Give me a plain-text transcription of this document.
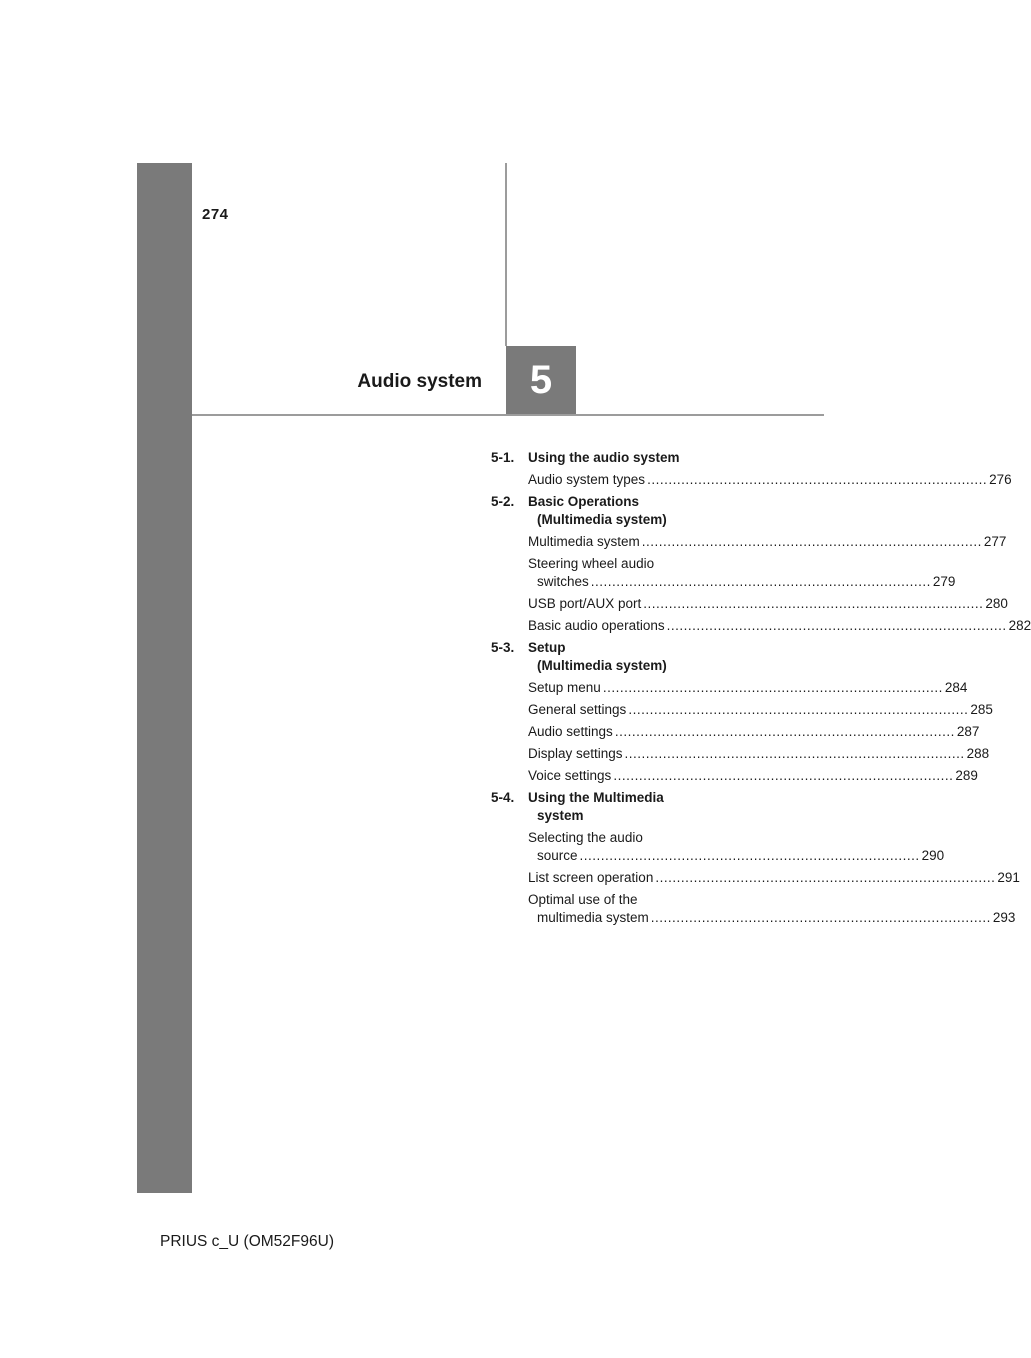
274
Audio system 5
5-1.	Using the audio system
Audio system types .....	276
5-2.	Basic Operations
(Multimedia system)
Multimedia system .....	277
Steering wheel audio
switches .....	279
USB port/AUX port .....	280
Basic audio operations .....	282
5-3.	Setup
(Multimedia system)
Setup menu .....	284
General settings .....	285
Audio settings .....	287
Display settings .....	288
Voice settings .....	289
5-4.	Using the Multimedia
system
Selecting the audio
source .....	290
List screen operation .....	291
Optimal use of the
multimedia system .....	293
PRIUS c_U (OM52F96U)
